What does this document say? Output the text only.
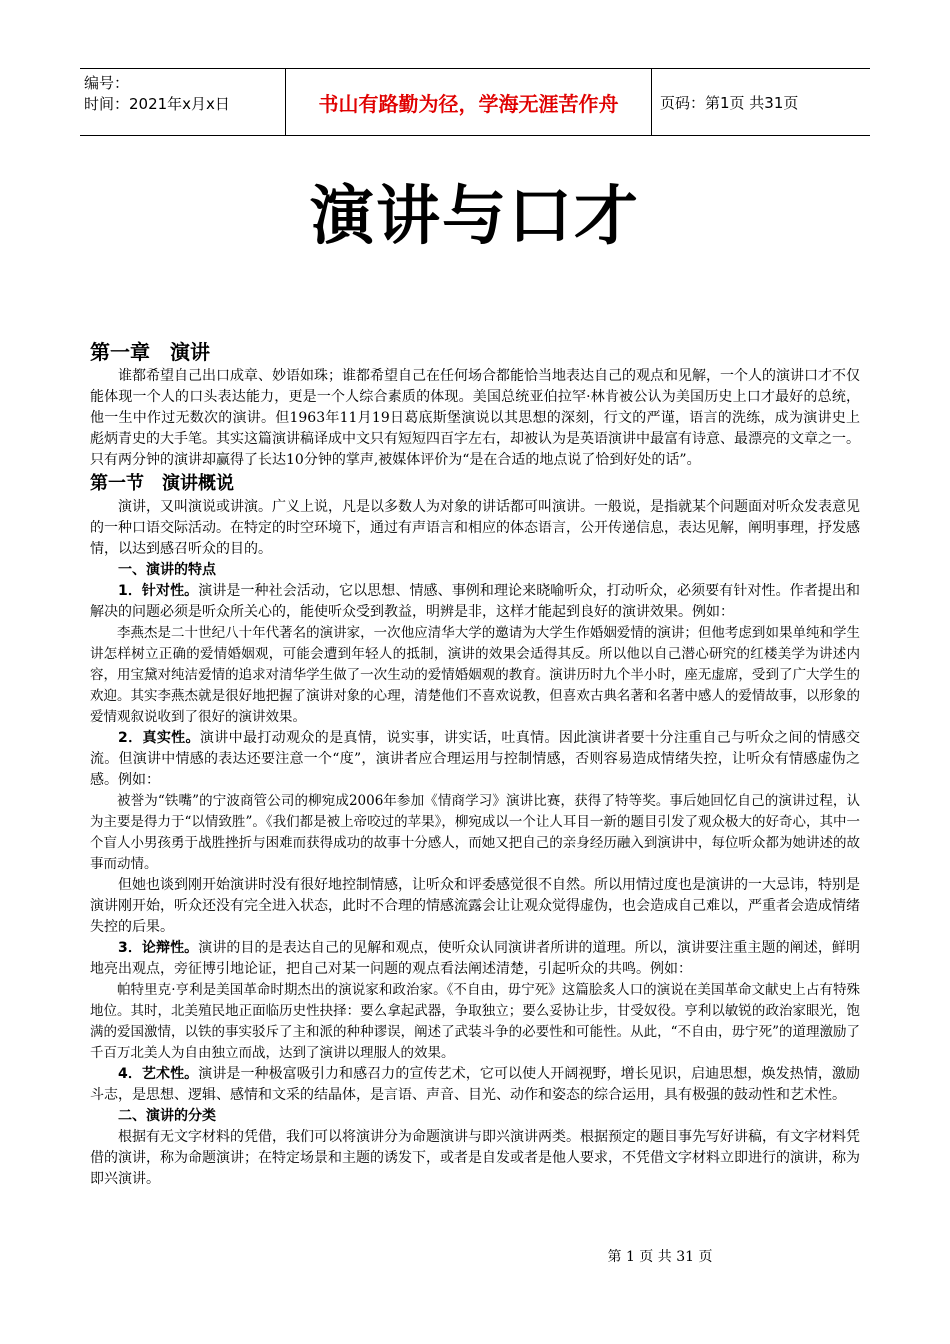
编号：
时间：2021年x月x日	书山有路勤为径，学海无涯苦作舟	页码：第1页 共31页
演讲与口才

第一章　演讲

谁都希望自己出口成章、妙语如珠；谁都希望自己在任何场合都能恰当地表达自己的观点和见解，一个人的演讲口才不仅能体现一个人的口头表达能力，更是一个人综合素质的体现。美国总统亚伯拉罕·林肯被公认为美国历史上口才最好的总统，他一生中作过无数次的演讲。但1963年11月19日葛底斯堡演说以其思想的深刻，行文的严谨，语言的洗练，成为演讲史上彪炳青史的大手笔。其实这篇演讲稿译成中文只有短短四百字左右，却被认为是英语演讲中最富有诗意、最漂亮的文章之一。只有两分钟的演讲却赢得了长达10分钟的掌声,被媒体评价为“是在合适的地点说了恰到好处的话”。

第一节　演讲概说

演讲，又叫演说或讲演。广义上说，凡是以多数人为对象的讲话都可叫演讲。一般说，是指就某个问题面对听众发表意见的一种口语交际活动。在特定的时空环境下，通过有声语言和相应的体态语言，公开传递信息，表达见解，阐明事理，抒发感情，以达到感召听众的目的。

一、演讲的特点

1．针对性。演讲是一种社会活动，它以思想、情感、事例和理论来晓喻听众，打动听众，必须要有针对性。作者提出和解决的问题必须是听众所关心的，能使听众受到教益，明辨是非，这样才能起到良好的演讲效果。例如：

李燕杰是二十世纪八十年代著名的演讲家，一次他应清华大学的邀请为大学生作婚姻爱情的演讲；但他考虑到如果单纯和学生讲怎样树立正确的爱情婚姻观，可能会遭到年轻人的抵制，演讲的效果会适得其反。所以他以自己潜心研究的红楼美学为讲述内容，用宝黛对纯洁爱情的追求对清华学生做了一次生动的爱情婚姻观的教育。演讲历时九个半小时，座无虚席，受到了广大学生的欢迎。其实李燕杰就是很好地把握了演讲对象的心理，清楚他们不喜欢说教，但喜欢古典名著和名著中感人的爱情故事，以形象的爱情观叙说收到了很好的演讲效果。

2．真实性。演讲中最打动观众的是真情，说实事，讲实话，吐真情。因此演讲者要十分注重自己与听众之间的情感交流。但演讲中情感的表达还要注意一个“度”，演讲者应合理运用与控制情感，否则容易造成情绪失控，让听众有情感虚伪之感。例如：

被誉为“铁嘴”的宁波商管公司的柳宛成2006年参加《情商学习》演讲比赛，获得了特等奖。事后她回忆自己的演讲过程，认为主要是得力于“以情致胜”。《我们都是被上帝咬过的苹果》，柳宛成以一个让人耳目一新的题目引发了观众极大的好奇心，其中一个盲人小男孩勇于战胜挫折与困难而获得成功的故事十分感人，而她又把自己的亲身经历融入到演讲中，每位听众都为她讲述的故事而动情。

但她也谈到刚开始演讲时没有很好地控制情感，让听众和评委感觉很不自然。所以用情过度也是演讲的一大忌讳，特别是演讲刚开始，听众还没有完全进入状态，此时不合理的情感流露会让让观众觉得虚伪，也会造成自己难以，严重者会造成情绪失控的后果。

3．论辩性。演讲的目的是表达自己的见解和观点，使听众认同演讲者所讲的道理。所以，演讲要注重主题的阐述，鲜明地亮出观点，旁征博引地论证，把自己对某一问题的观点看法阐述清楚，引起听众的共鸣。例如：

帕特里克·亨利是美国革命时期杰出的演说家和政治家。《不自由，毋宁死》这篇脍炙人口的演说在美国革命文献史上占有特殊地位。其时，北美殖民地正面临历史性抉择：要么拿起武器，争取独立；要么妥协让步，甘受奴役。亨利以敏锐的政治家眼光，饱满的爱国激情，以铁的事实驳斥了主和派的种种谬误，阐述了武装斗争的必要性和可能性。从此，“不自由，毋宁死”的道理激励了千百万北美人为自由独立而战，达到了演讲以理服人的效果。

4．艺术性。演讲是一种极富吸引力和感召力的宣传艺术，它可以使人开阔视野，增长见识，启迪思想，焕发热情，激励斗志，是思想、逻辑、感情和文采的结晶体，是言语、声音、目光、动作和姿态的综合运用，具有极强的鼓动性和艺术性。

二、演讲的分类

根据有无文字材料的凭借，我们可以将演讲分为命题演讲与即兴演讲两类。根据预定的题目事先写好讲稿，有文字材料凭借的演讲，称为命题演讲；在特定场景和主题的诱发下，或者是自发或者是他人要求，不凭借文字材料立即进行的演讲，称为即兴演讲。

第 1 页 共 31 页
